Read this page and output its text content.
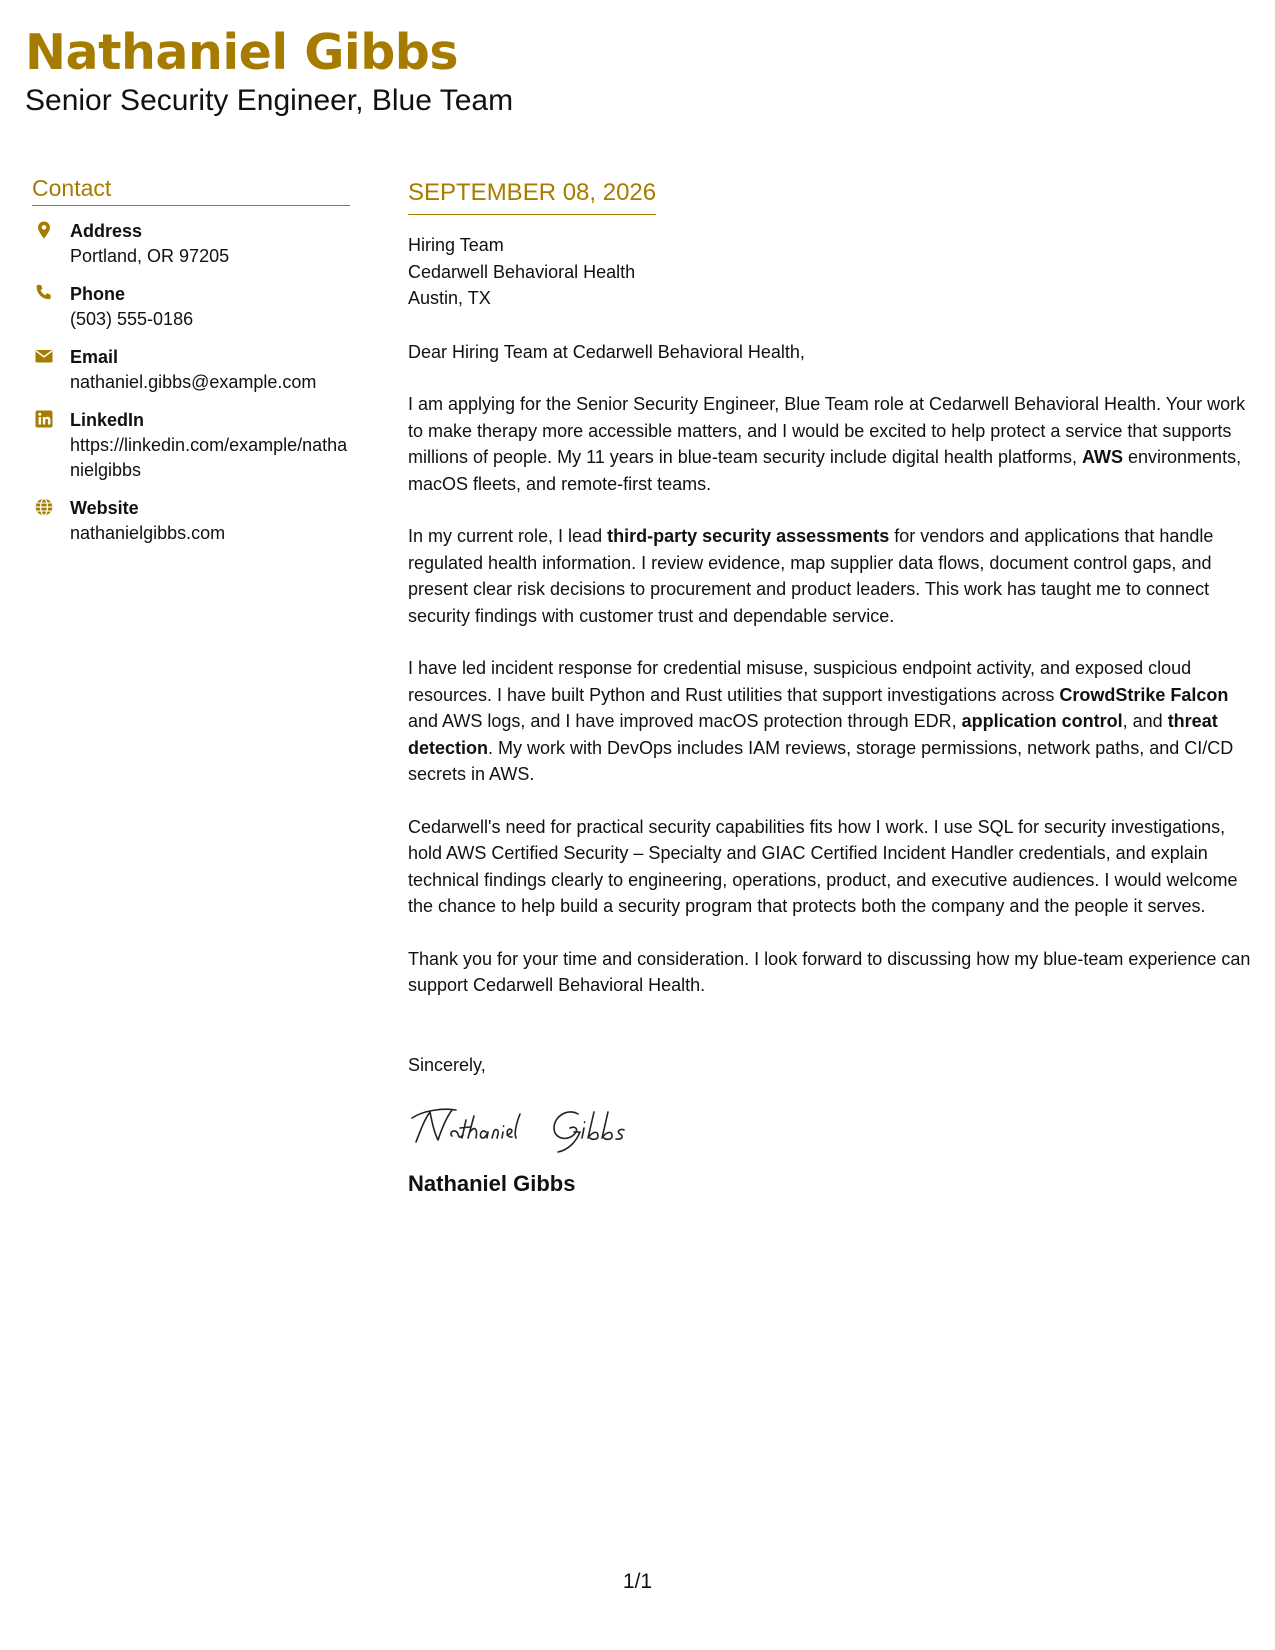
Nathaniel Gibbs
Senior Security Engineer, Blue Team
Contact
Address
Portland, OR 97205
Phone
(503) 555-0186
Email
nathaniel.gibbs@example.com
LinkedIn
https://linkedin.com/example/nathanielgibbs
Website
nathanielgibbs.com
SEPTEMBER 08, 2026
Hiring Team
Cedarwell Behavioral Health
Austin, TX
Dear Hiring Team at Cedarwell Behavioral Health,
I am applying for the Senior Security Engineer, Blue Team role at Cedarwell Behavioral Health. Your work to make therapy more accessible matters, and I would be excited to help protect a service that supports millions of people. My 11 years in blue-team security include digital health platforms, AWS environments, macOS fleets, and remote-first teams.
In my current role, I lead third-party security assessments for vendors and applications that handle regulated health information. I review evidence, map supplier data flows, document control gaps, and present clear risk decisions to procurement and product leaders. This work has taught me to connect security findings with customer trust and dependable service.
I have led incident response for credential misuse, suspicious endpoint activity, and exposed cloud resources. I have built Python and Rust utilities that support investigations across CrowdStrike Falcon and AWS logs, and I have improved macOS protection through EDR, application control, and threat detection. My work with DevOps includes IAM reviews, storage permissions, network paths, and CI/CD secrets in AWS.
Cedarwell's need for practical security capabilities fits how I work. I use SQL for security investigations, hold AWS Certified Security – Specialty and GIAC Certified Incident Handler credentials, and explain technical findings clearly to engineering, operations, product, and executive audiences. I would welcome the chance to help build a security program that protects both the company and the people it serves.
Thank you for your time and consideration. I look forward to discussing how my blue-team experience can support Cedarwell Behavioral Health.
Sincerely,
Nathaniel Gibbs
1/1
